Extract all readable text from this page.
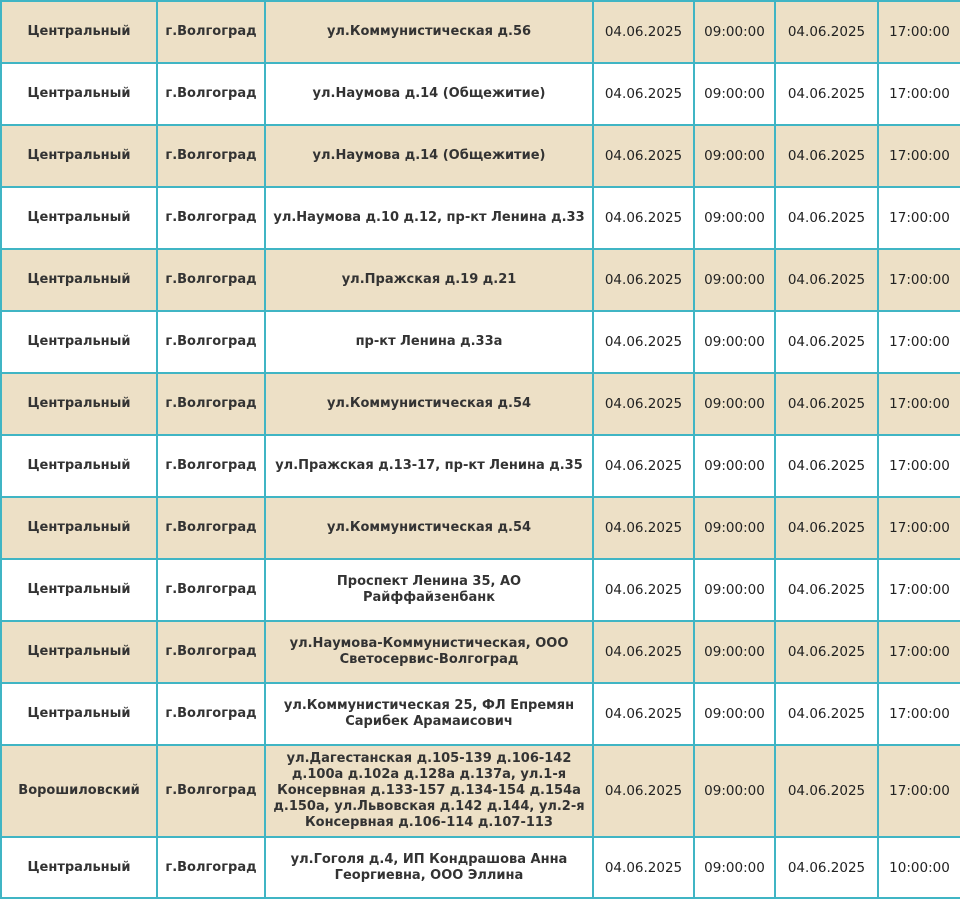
Центральный	г.Волгоград	ул.Коммунистическая д.56	04.06.2025	09:00:00	04.06.2025	17:00:00
Центральный	г.Волгоград	ул.Наумова д.14 (Общежитие)	04.06.2025	09:00:00	04.06.2025	17:00:00
Центральный	г.Волгоград	ул.Наумова д.14 (Общежитие)	04.06.2025	09:00:00	04.06.2025	17:00:00
Центральный	г.Волгоград	ул.Наумова д.10 д.12, пр-кт Ленина д.33	04.06.2025	09:00:00	04.06.2025	17:00:00
Центральный	г.Волгоград	ул.Пражская д.19 д.21	04.06.2025	09:00:00	04.06.2025	17:00:00
Центральный	г.Волгоград	пр-кт Ленина д.33а	04.06.2025	09:00:00	04.06.2025	17:00:00
Центральный	г.Волгоград	ул.Коммунистическая д.54	04.06.2025	09:00:00	04.06.2025	17:00:00
Центральный	г.Волгоград	ул.Пражская д.13-17, пр-кт Ленина д.35	04.06.2025	09:00:00	04.06.2025	17:00:00
Центральный	г.Волгоград	ул.Коммунистическая д.54	04.06.2025	09:00:00	04.06.2025	17:00:00
Центральный	г.Волгоград	Проспект Ленина 35, АО Райффайзенбанк	04.06.2025	09:00:00	04.06.2025	17:00:00
Центральный	г.Волгоград	ул.Наумова-Коммунистическая, ООО Светосервис-Волгоград	04.06.2025	09:00:00	04.06.2025	17:00:00
Центральный	г.Волгоград	ул.Коммунистическая 25, ФЛ Епремян Сарибек Арамаисович	04.06.2025	09:00:00	04.06.2025	17:00:00
Ворошиловский	г.Волгоград	ул.Дагестанская д.105-139 д.106-142 д.100а д.102а д.128а д.137а, ул.1-я Консервная д.133-157 д.134-154 д.154а д.150а, ул.Львовская д.142 д.144, ул.2-я Консервная д.106-114 д.107-113	04.06.2025	09:00:00	04.06.2025	17:00:00
Центральный	г.Волгоград	ул.Гоголя д.4, ИП Кондрашова Анна Георгиевна, ООО Эллина	04.06.2025	09:00:00	04.06.2025	10:00:00
